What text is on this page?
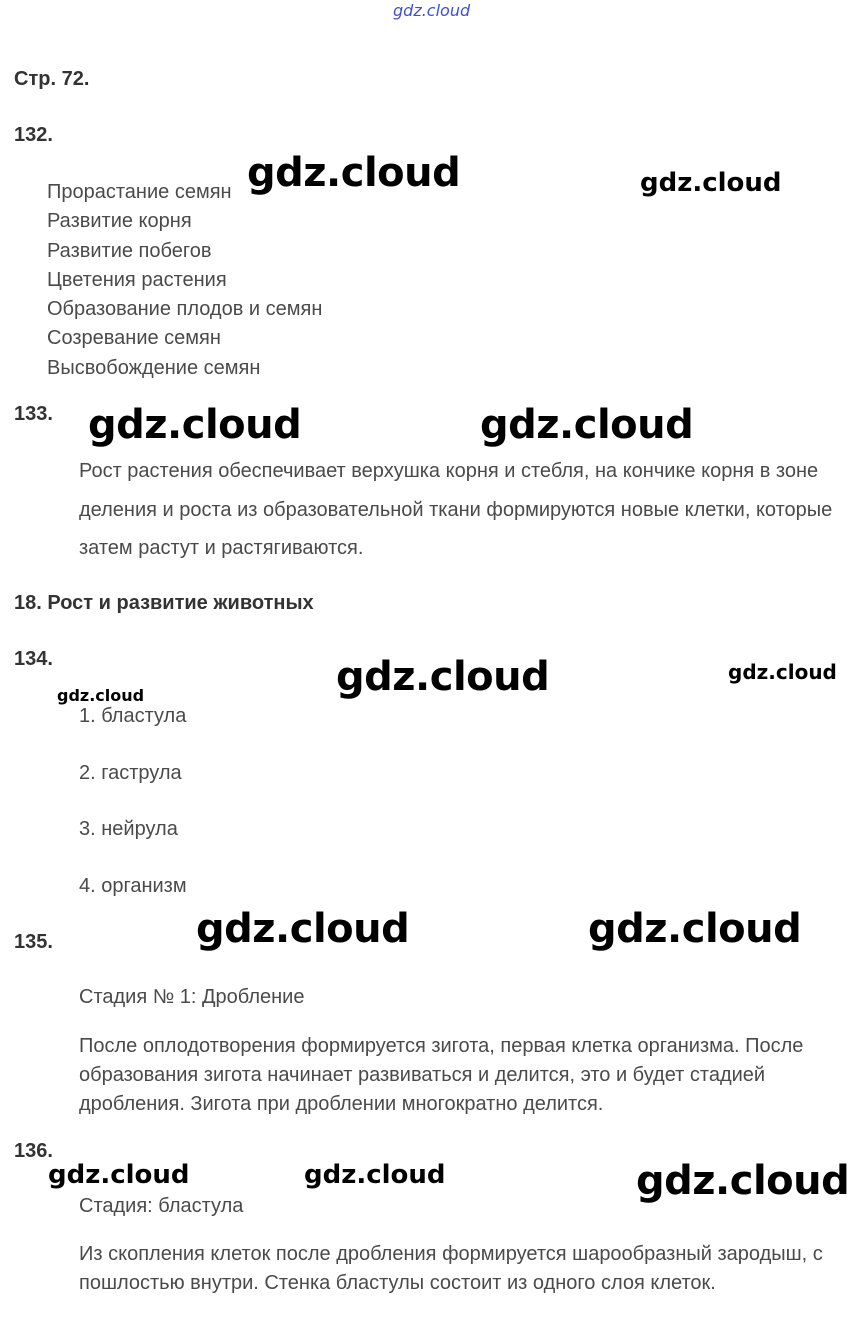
gdz.cloud
Стр. 72.
132.
Прорастание семян
Развитие корня
Развитие побегов
Цветения растения
Образование плодов и семян
Созревание семян
Высвобождение семян
gdz.cloud	gdz.cloud
133. gdz.cloud	gdz.cloud
Рост растения обеспечивает верхушка корня и стебля, на кончике корня в зоне деления и роста из образовательной ткани формируются новые клетки, которые затем растут и растягиваются.
18. Рост и развитие животных
134.	gdz.cloud	gdz.cloud
gdz.cloud
1. бластула
2. гаструла
3. нейрула
4. организм
gdz.cloud	gdz.cloud
135.
Стадия № 1: Дробление
После оплодотворения формируется зигота, первая клетка организма. После образования зигота начинает развиваться и делится, это и будет стадией дробления. Зигота при дроблении многократно делится.
136.
gdz.cloud	gdz.cloud	gdz.cloud
Стадия: бластула
Из скопления клеток после дробления формируется шарообразный зародыш, с пошлостью внутри. Стенка бластулы состоит из одного слоя клеток.
